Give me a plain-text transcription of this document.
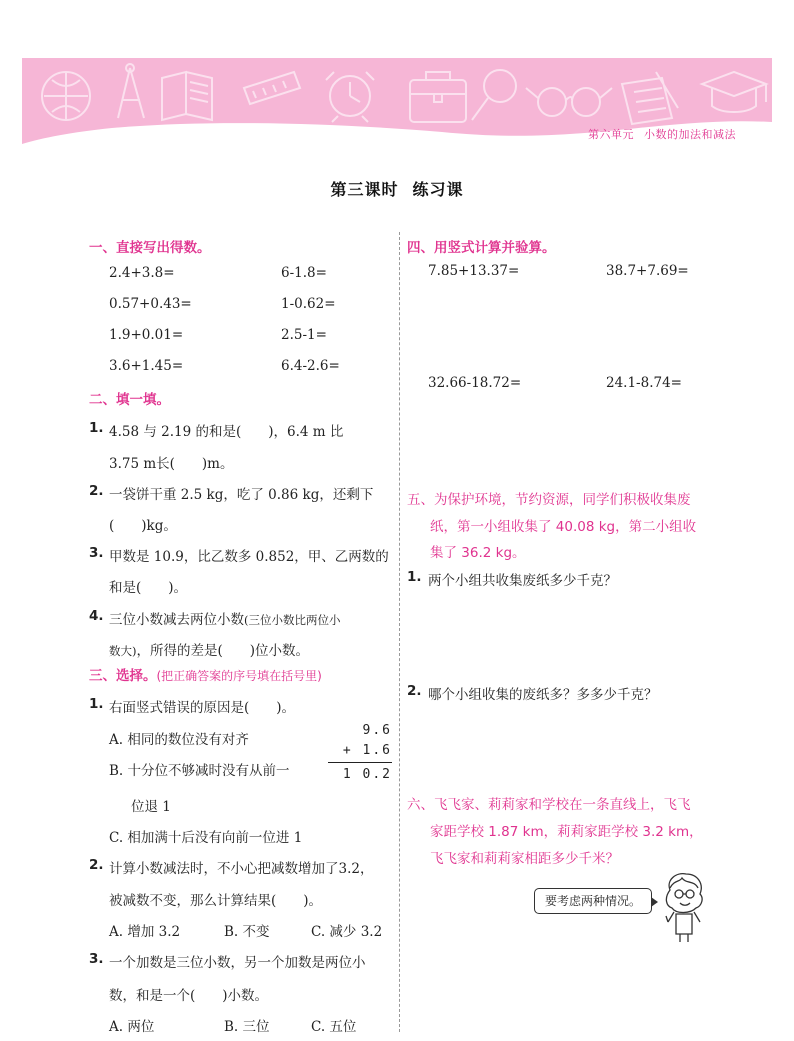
第六单元 小数的加法和减法
第三课时 练习课
一、直接写出得数。
2.4+3.8=	6-1.8=
0.57+0.43=	1-0.62=
1.9+0.01=	2.5-1=
3.6+1.45=	6.4-2.6=
二、填一填。
1. 4.58 与 2.19 的和是(　　)，6.4 m 比
3.75 m长(　　)m。
2. 一袋饼干重 2.5 kg，吃了 0.86 kg，还剩下
(　　)kg。
3. 甲数是 10.9，比乙数多 0.852，甲、乙两数的
和是(　　)。
4. 三位小数减去两位小数(三位小数比两位小
数大)，所得的差是(　　)位小数。
三、选择。(把正确答案的序号填在括号里)
1. 右面竖式错误的原因是(　　)。
A. 相同的数位没有对齐
B. 十分位不够减时没有从前一
位退 1
C. 相加满十后没有向前一位进 1
9.6
+ 1.6
1 0.2
2. 计算小数减法时，不小心把减数增加了3.2，
被减数不变，那么计算结果(　　)。
A. 增加 3.2	B. 不变	C. 减少 3.2
3. 一个加数是三位小数，另一个加数是两位小
数，和是一个(　　)小数。
A. 两位	B. 三位	C. 五位
四、用竖式计算并验算。
7.85+13.37=	38.7+7.69=
32.66-18.72=	24.1-8.74=
五、为保护环境，节约资源，同学们积极收集废
纸，第一小组收集了 40.08 kg，第二小组收
集了 36.2 kg。
1. 两个小组共收集废纸多少千克？
2. 哪个小组收集的废纸多？多多少千克？
六、飞飞家、莉莉家和学校在一条直线上，飞飞
家距学校 1.87 km，莉莉家距学校 3.2 km，
飞飞家和莉莉家相距多少千米？
要考虑两种情况。
